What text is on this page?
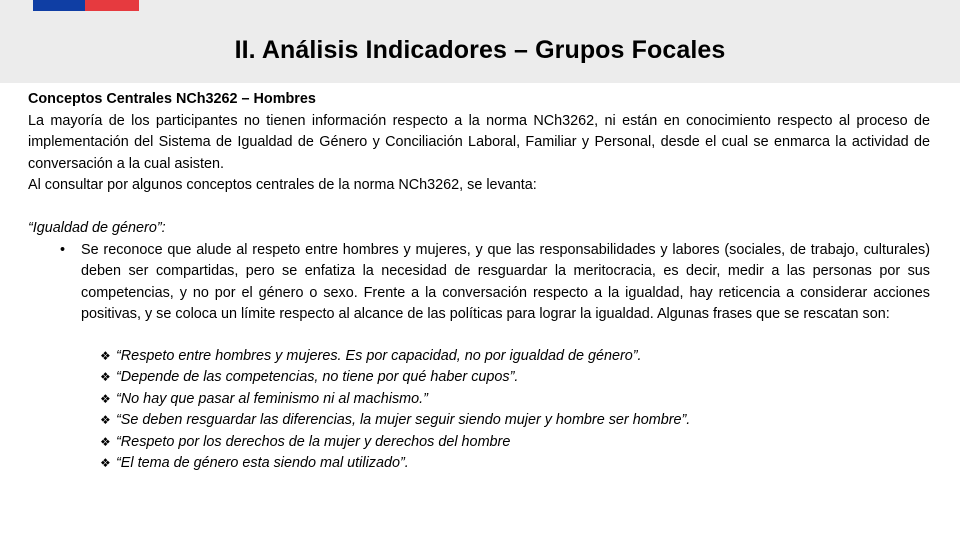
II. Análisis Indicadores – Grupos Focales

Conceptos Centrales NCh3262 – Hombres

La mayoría de los participantes no tienen información respecto a la norma NCh3262, ni están en conocimiento respecto al proceso de implementación del Sistema de Igualdad de Género y Conciliación Laboral, Familiar y Personal, desde el cual se enmarca la actividad de conversación a la cual asisten.

Al consultar por algunos conceptos centrales de la norma NCh3262, se levanta:

“Igualdad de género”:

•	Se reconoce que alude al respeto entre hombres y mujeres, y que las responsabilidades y labores (sociales, de trabajo, culturales) deben ser compartidas, pero se enfatiza la necesidad de resguardar la meritocracia, es decir, medir a las personas por sus competencias, y no por el género o sexo. Frente a la conversación respecto a la igualdad, hay reticencia a considerar acciones positivas, y se coloca un límite respecto al alcance de las políticas para lograr la igualdad. Algunas frases que se rescatan son:
❖ “Respeto entre hombres y mujeres. Es por capacidad, no por igualdad de género”.
❖ “Depende de las competencias, no tiene por qué haber cupos”.
❖ “No hay que pasar al feminismo ni al machismo.”
❖ “Se deben resguardar las diferencias, la mujer seguir siendo mujer y hombre ser hombre”.
❖ “Respeto por los derechos de la mujer y derechos del hombre
❖ “El tema de género esta siendo mal utilizado”.
